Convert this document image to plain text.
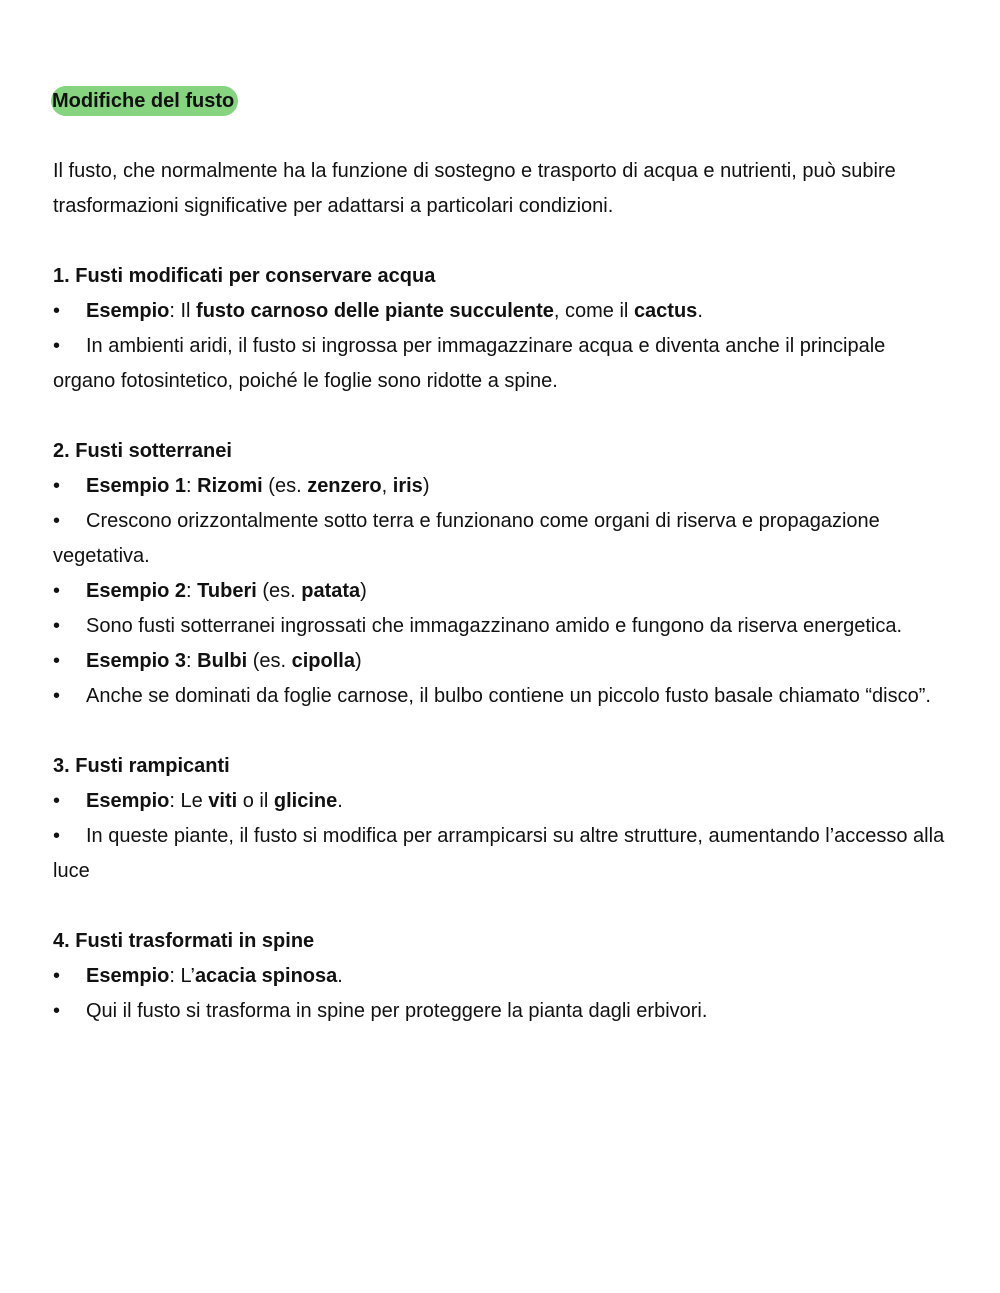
Modifiche del fusto

Il fusto, che normalmente ha la funzione di sostegno e trasporto di acqua e nutrienti, può subire trasformazioni significative per adattarsi a particolari condizioni.

1. Fusti modificati per conservare acqua
• Esempio: Il fusto carnoso delle piante succulente, come il cactus.
• In ambienti aridi, il fusto si ingrossa per immagazzinare acqua e diventa anche il principale organo fotosintetico, poiché le foglie sono ridotte a spine.
2. Fusti sotterranei
• Esempio 1: Rizomi (es. zenzero, iris)
• Crescono orizzontalmente sotto terra e funzionano come organi di riserva e propagazione vegetativa.
• Esempio 2: Tuberi (es. patata)
• Sono fusti sotterranei ingrossati che immagazzinano amido e fungono da riserva energetica.
• Esempio 3: Bulbi (es. cipolla)
• Anche se dominati da foglie carnose, il bulbo contiene un piccolo fusto basale chiamato “disco”.
3. Fusti rampicanti
• Esempio: Le viti o il glicine.
• In queste piante, il fusto si modifica per arrampicarsi su altre strutture, aumentando l’accesso alla luce
4. Fusti trasformati in spine
• Esempio: L’acacia spinosa.
• Qui il fusto si trasforma in spine per proteggere la pianta dagli erbivori.
